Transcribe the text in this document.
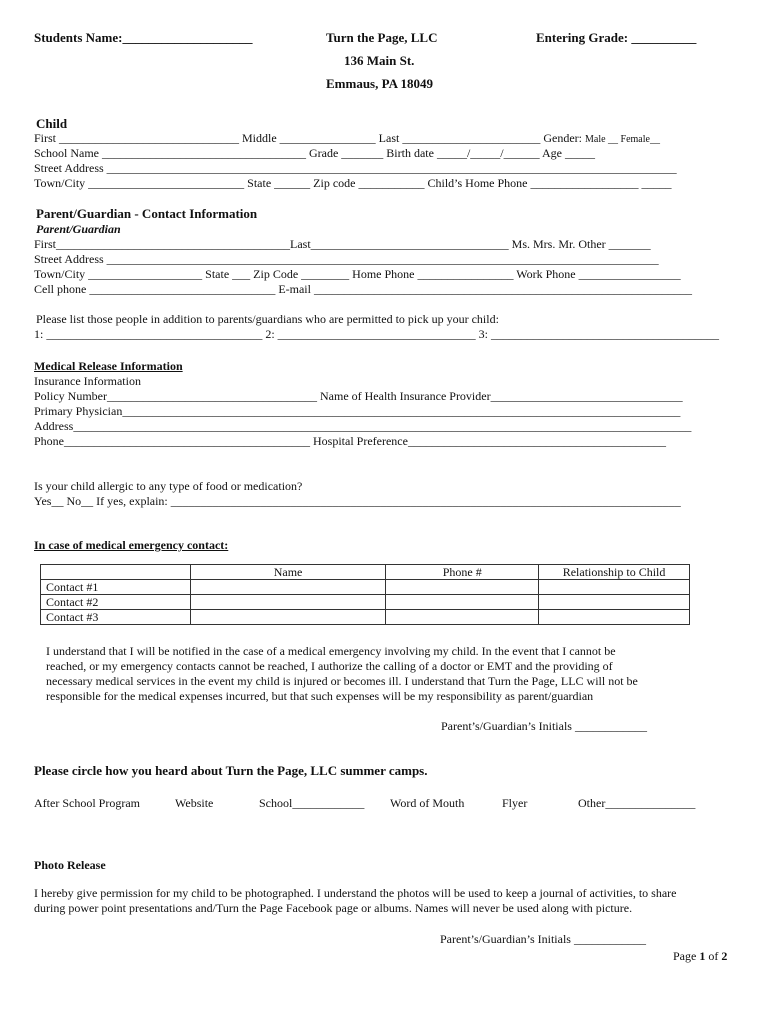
Students Name:____________________	Turn the Page, LLC
136 Main St.
Emmaus, PA 18049
Entering Grade: __________
Child
First ______________________________ Middle ________________ Last _______________________ Gender: Male __ Female__
School Name __________________________________ Grade _______ Birth date _____/_____/______ Age _____
Street Address _______________________________________________________________________________________________
Town/City __________________________ State ______ Zip code ___________ Child’s Home Phone __________________ _____
Parent/Guardian - Contact Information
Parent/Guardian
First_______________________________________Last_________________________________ Ms. Mrs. Mr. Other _______
Street Address ____________________________________________________________________________________________
Town/City ___________________ State ___ Zip Code ________ Home Phone ________________ Work Phone _________________
Cell phone _______________________________ E-mail _______________________________________________________________
Please list those people in addition to parents/guardians who are permitted to pick up your child:
1: ____________________________________ 2: _________________________________ 3: ______________________________________
Medical Release Information
Insurance Information
Policy Number___________________________________ Name of Health Insurance Provider________________________________
Primary Physician_____________________________________________________________________________________________
Address_______________________________________________________________________________________________________
Phone_________________________________________ Hospital Preference___________________________________________
Is your child allergic to any type of food or medication?
Yes__ No__ If yes, explain: _____________________________________________________________________________________
In case of medical emergency contact:
	Name	Phone #	Relationship to Child
Contact #1			
Contact #2			
Contact #3			
I understand that I will be notified in the case of a medical emergency involving my child. In the event that I cannot be
reached, or my emergency contacts cannot be reached, I authorize the calling of a doctor or EMT and the providing of
necessary medical services in the event my child is injured or becomes ill. I understand that Turn the Page, LLC will not be
responsible for the medical expenses incurred, but that such expenses will be my responsibility as parent/guardian
Parent’s/Guardian’s Initials ____________
Please circle how you heard about Turn the Page, LLC summer camps.
After School Program	Website	School____________ Word of Mouth	Flyer	Other_______________
Photo Release
I hereby give permission for my child to be photographed. I understand the photos will be used to keep a journal of activities, to share
during power point presentations and/Turn the Page Facebook page or albums. Names will never be used along with picture.
Parent’s/Guardian’s Initials ____________
Page 1 of 2
